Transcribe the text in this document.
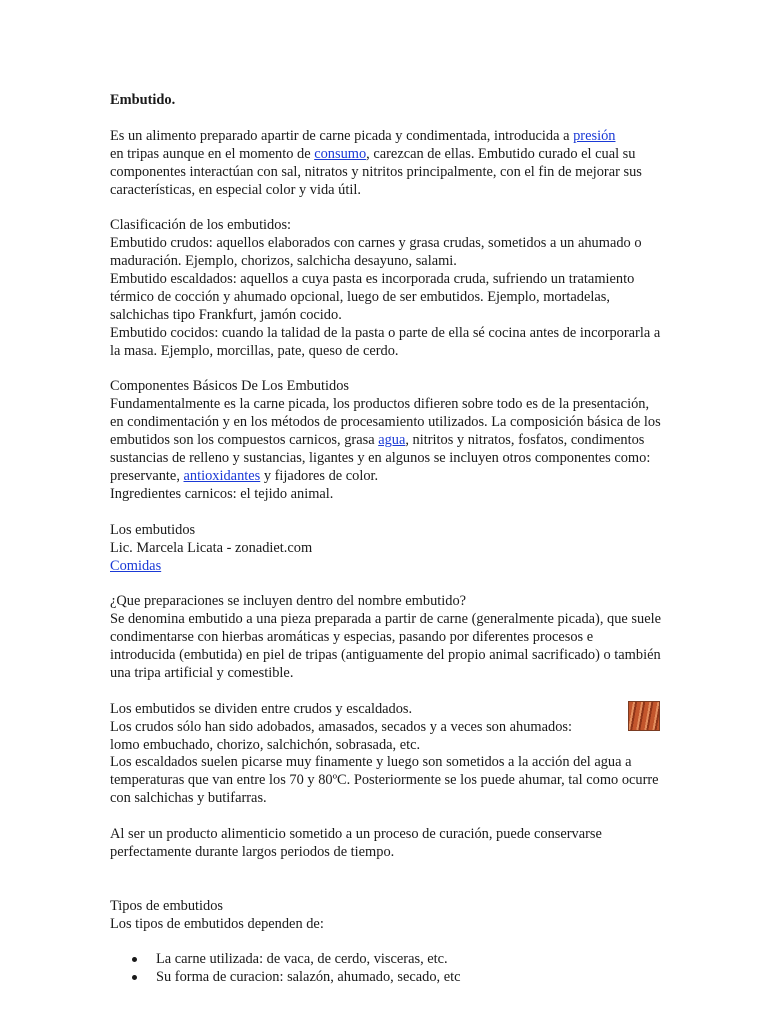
Embutido.

Es un alimento preparado apartir de carne picada y condimentada, introducida a presión
en tripas aunque en el momento de consumo, carezcan de ellas. Embutido curado el cual su componentes interactúan con sal, nitratos y nitritos principalmente, con el fin de mejorar sus características, en especial color y vida útil.

Clasificación de los embutidos:

Embutido crudos: aquellos elaborados con carnes y grasa crudas, sometidos a un ahumado o maduración. Ejemplo, chorizos, salchicha desayuno, salami.

Embutido escaldados: aquellos a cuya pasta es incorporada cruda, sufriendo un tratamiento térmico de cocción y ahumado opcional, luego de ser embutidos. Ejemplo, mortadelas, salchichas tipo Frankfurt, jamón cocido.

Embutido cocidos: cuando la talidad de la pasta o parte de ella sé cocina antes de incorporarla a la masa. Ejemplo, morcillas, pate, queso de cerdo.

Componentes Básicos De Los Embutidos

Fundamentalmente es la carne picada, los productos difieren sobre todo es de la presentación, en condimentación y en los métodos de procesamiento utilizados. La composición básica de los embutidos son los compuestos carnicos, grasa agua, nitritos y nitratos, fosfatos, condimentos sustancias de relleno y sustancias, ligantes y en algunos se incluyen otros componentes como: preservante, antioxidantes y fijadores de color.

Ingredientes carnicos: el tejido animal.

Los embutidos

Lic. Marcela Licata - zonadiet.com

Comidas

¿Que preparaciones se incluyen dentro del nombre embutido?

Se denomina embutido a una pieza preparada a partir de carne (generalmente picada), que suele condimentarse con hierbas aromáticas y especias, pasando por diferentes procesos e introducida (embutida) en piel de tripas (antiguamente del propio animal sacrificado) o también una tripa artificial y comestible.

Los embutidos se dividen entre crudos y escaldados.

Los crudos sólo han sido adobados, amasados, secados y a veces son ahumados:

lomo embuchado, chorizo, salchichón, sobrasada, etc.

Los escaldados suelen picarse muy finamente y luego son sometidos a la acción del agua a temperaturas que van entre los 70 y 80ºC. Posteriormente se los puede ahumar, tal como ocurre con salchichas y butifarras.

Al ser un producto alimenticio sometido a un proceso de curación, puede conservarse perfectamente durante largos periodos de tiempo.

Tipos de embutidos

Los tipos de embutidos dependen de:

La carne utilizada: de vaca, de cerdo, visceras, etc.
Su forma de curacion: salazón, ahumado, secado, etc
